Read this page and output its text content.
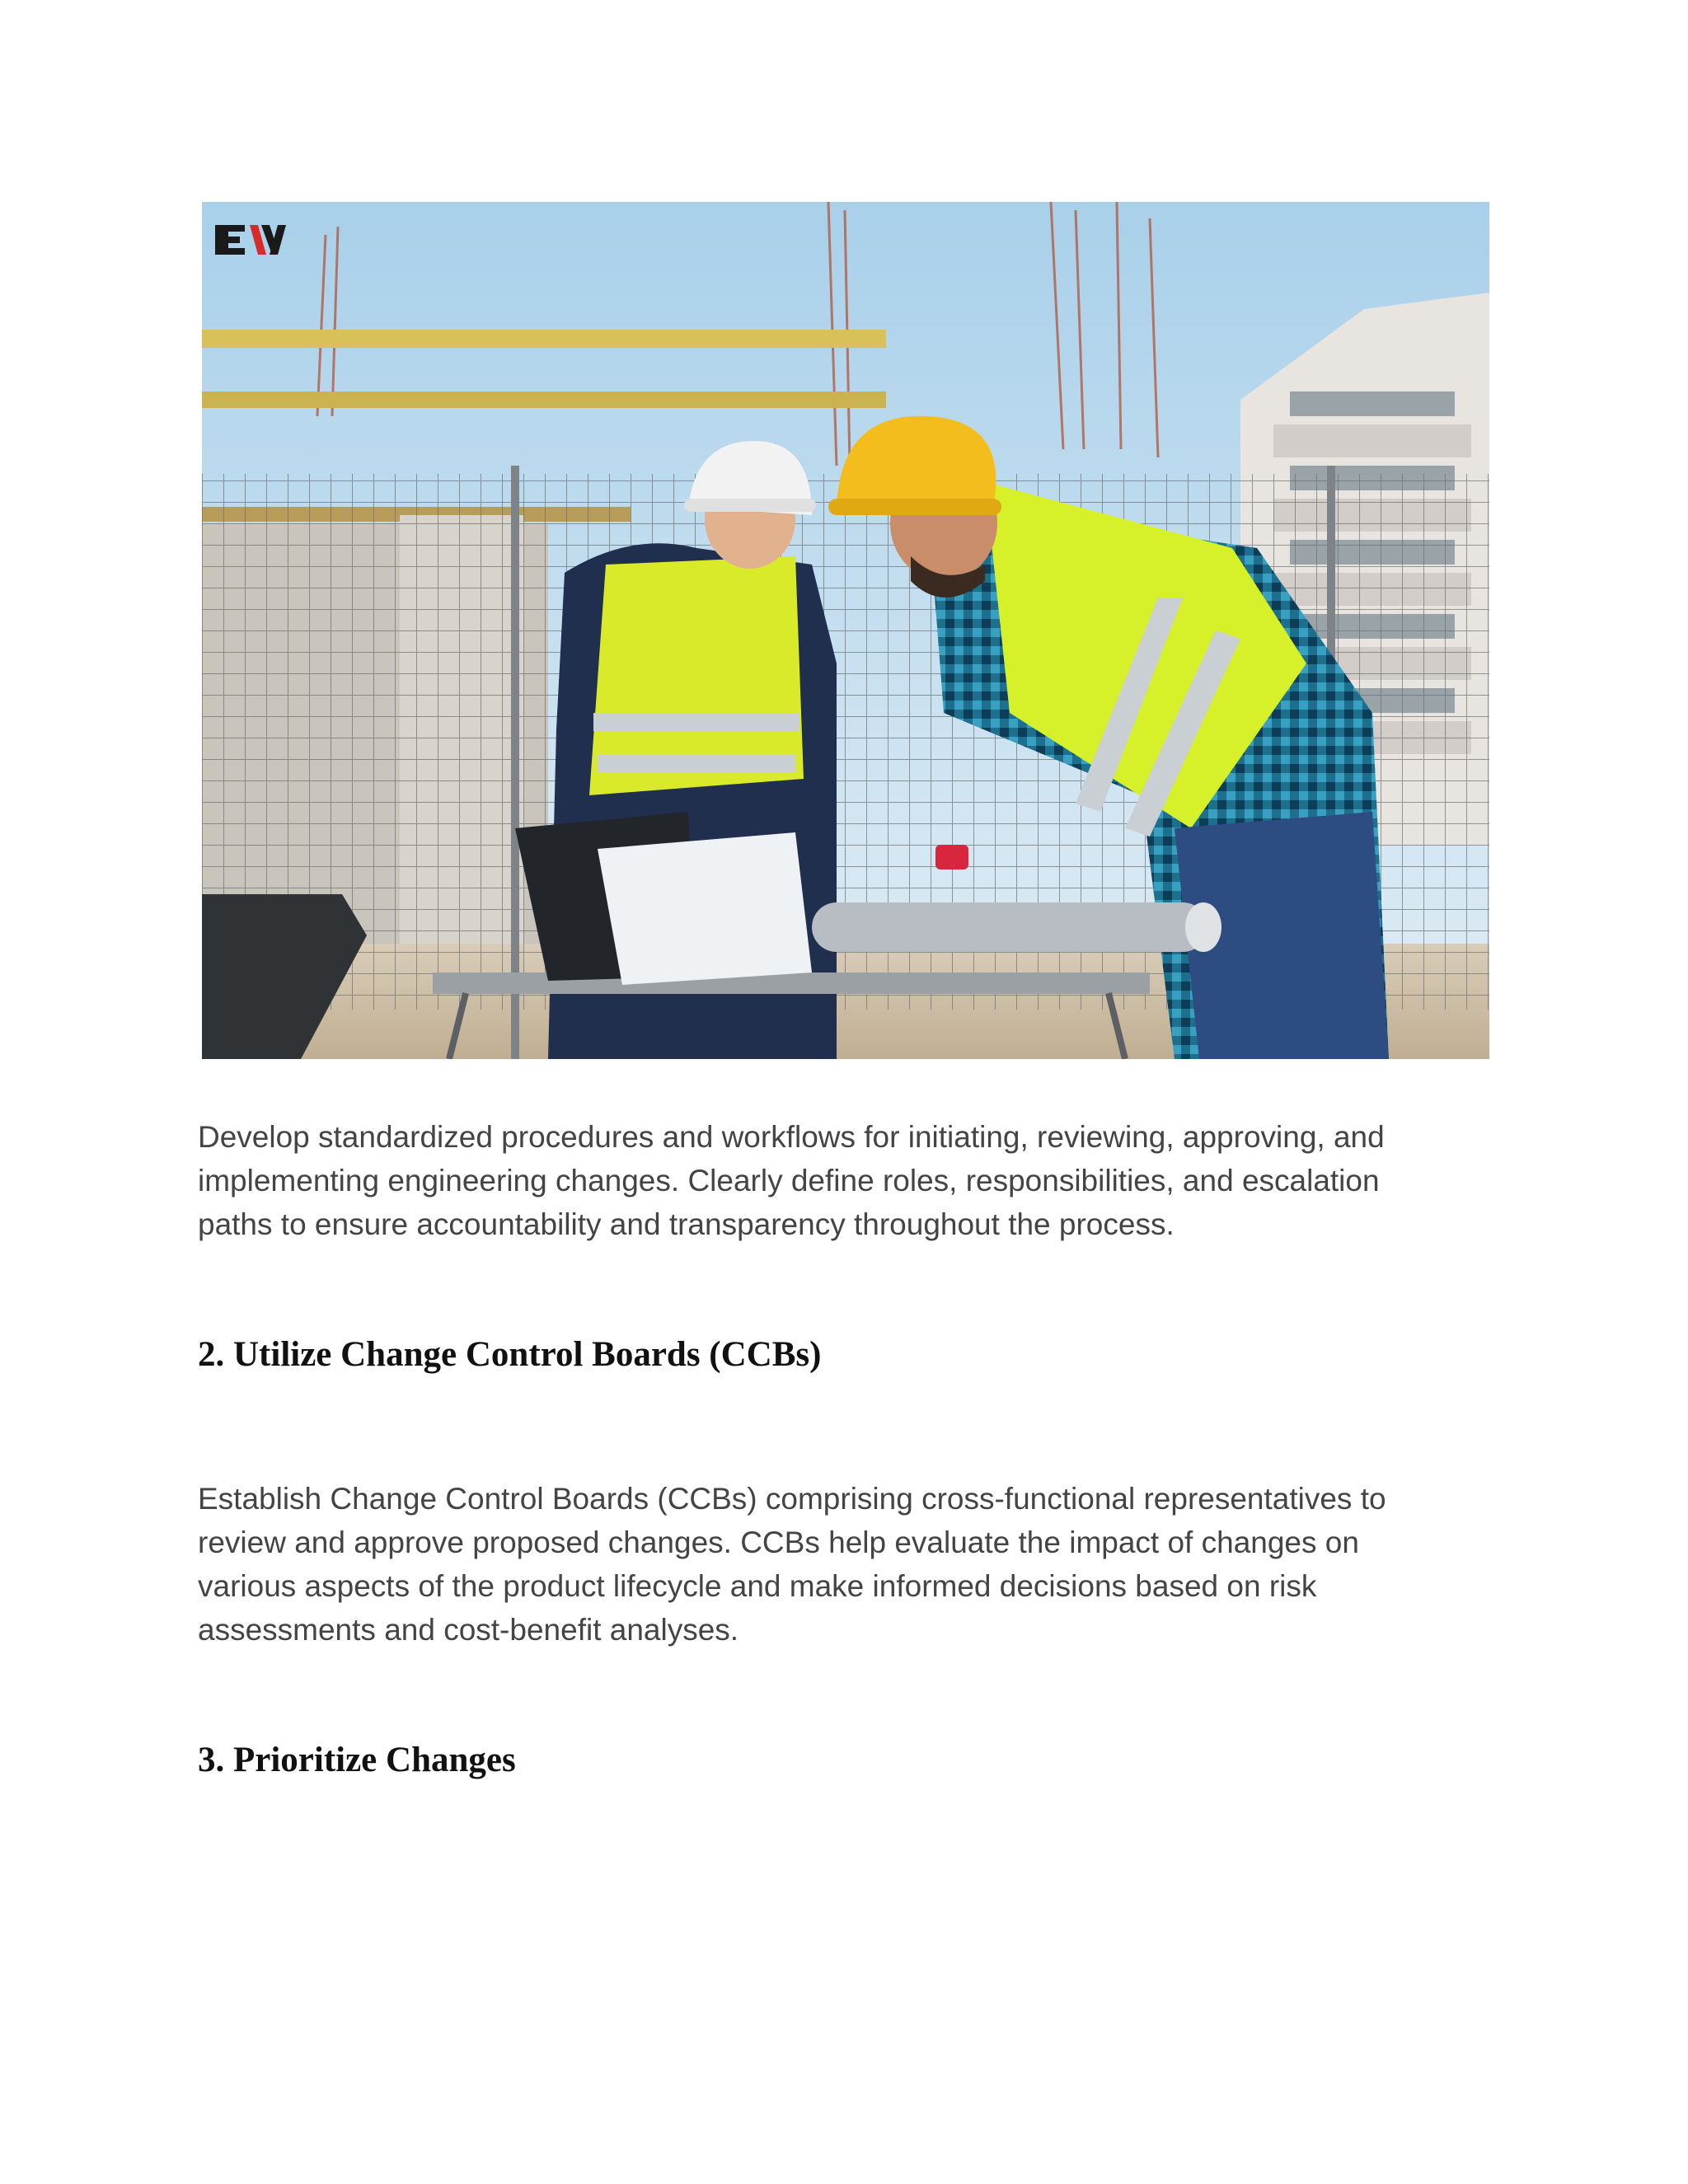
Develop standardized procedures and workflows for initiating, reviewing, approving, and implementing engineering changes. Clearly define roles, responsibilities, and escalation paths to ensure accountability and transparency throughout the process.

2. Utilize Change Control Boards (CCBs)

Establish Change Control Boards (CCBs) comprising cross-functional representatives to review and approve proposed changes. CCBs help evaluate the impact of changes on various aspects of the product lifecycle and make informed decisions based on risk assessments and cost-benefit analyses.

3. Prioritize Changes
